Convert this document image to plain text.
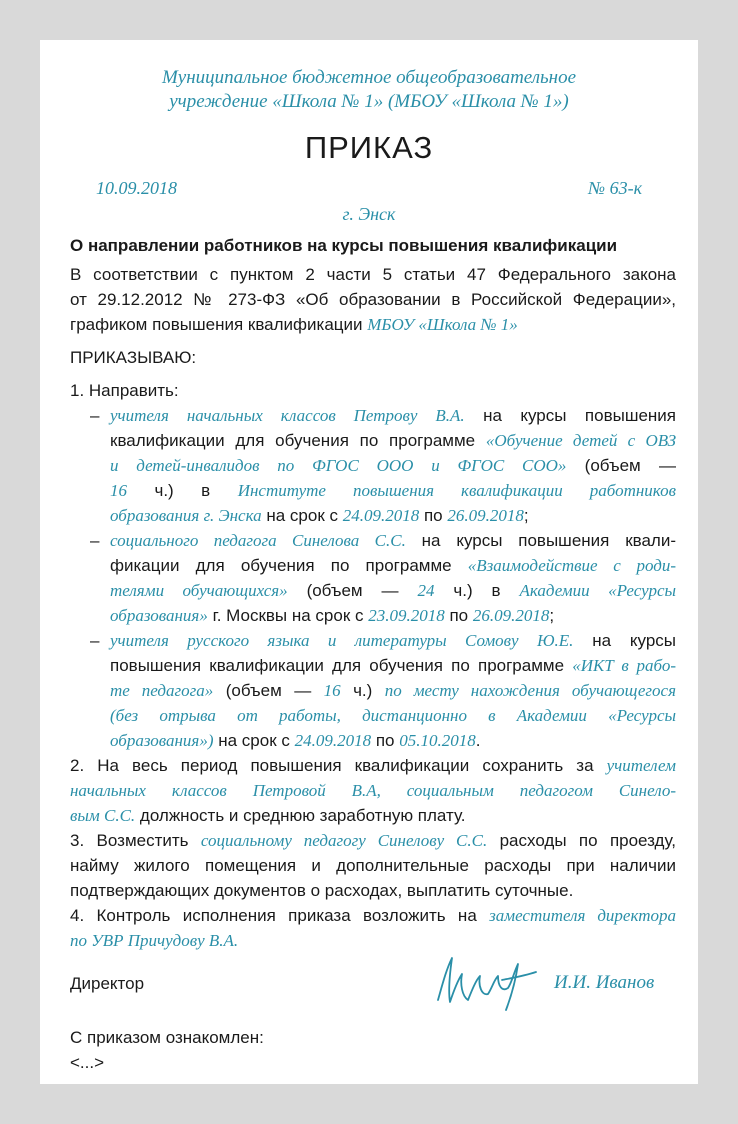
Муниципальное бюджетное общеобразовательное
учреждение «Школа № 1» (МБОУ «Школа № 1»)
ПРИКАЗ
10.09.2018	№ 63-к
г. Энск
О направлении работников на курсы повышения квалификации
В соответствии с пунктом 2 части 5 статьи 47 Федерального закона
от 29.12.2012 № 273-ФЗ «Об образовании в Российской Федерации»,
графиком повышения квалификации МБОУ «Школа № 1»
ПРИКАЗЫВАЮ:
1. Направить:
– учителя начальных классов Петрову В.А. на курсы повышения
квалификации для обучения по программе «Обучение детей с ОВЗ
и детей-инвалидов по ФГОС ООО и ФГОС СОО» (объем —
16 ч.) в Институте повышения квалификации работников
образования г. Энска на срок с 24.09.2018 по 26.09.2018;
– социального педагога Синелова С.С. на курсы повышения квали-
фикации для обучения по программе «Взаимодействие с роди-
телями обучающихся» (объем — 24 ч.) в Академии «Ресурсы
образования» г. Москвы на срок с 23.09.2018 по 26.09.2018;
– учителя русского языка и литературы Сомову Ю.Е. на курсы
повышения квалификации для обучения по программе «ИКТ в рабо-
те педагога» (объем — 16 ч.) по месту нахождения обучающегося
(без отрыва от работы, дистанционно в Академии «Ресурсы
образования») на срок с 24.09.2018 по 05.10.2018.
2. На весь период повышения квалификации сохранить за учителем
начальных классов Петровой В.А, социальным педагогом Синело-
вым С.С. должность и среднюю заработную плату.
3. Возместить социальному педагогу Синелову С.С. расходы по проезду,
найму жилого помещения и дополнительные расходы при наличии
подтверждающих документов о расходах, выплатить суточные.
4. Контроль исполнения приказа возложить на заместителя директора
по УВР Причудову В.А.
Директор	И.И. Иванов
С приказом ознакомлен:
<...>
